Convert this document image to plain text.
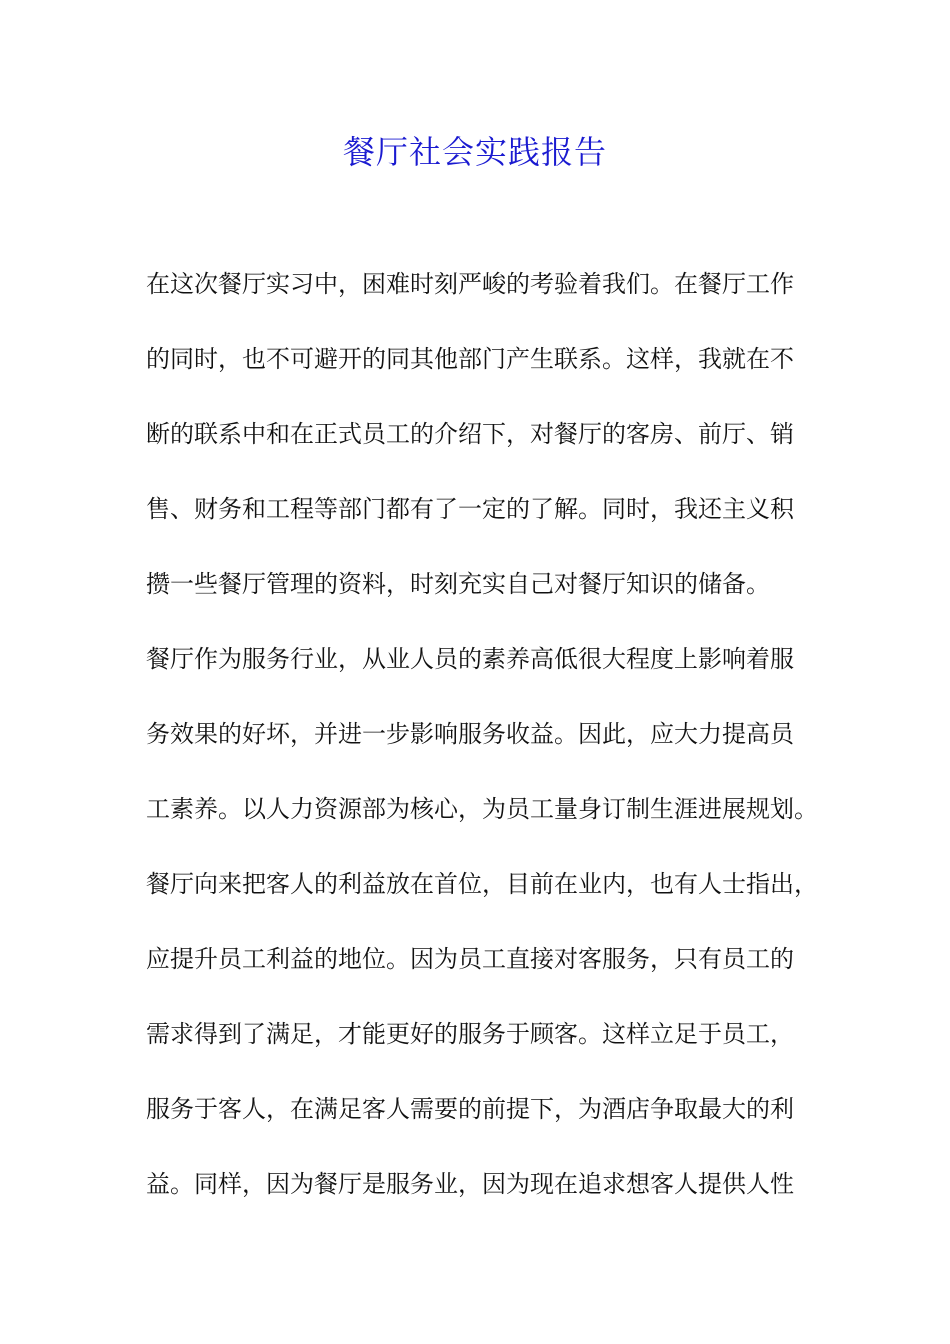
餐厅社会实践报告
在这次餐厅实习中，困难时刻严峻的考验着我们。在餐厅工作
的同时，也不可避开的同其他部门产生联系。这样，我就在不
断的联系中和在正式员工的介绍下，对餐厅的客房、前厅、销
售、财务和工程等部门都有了一定的了解。同时，我还主义积
攒一些餐厅管理的资料，时刻充实自己对餐厅知识的储备。
餐厅作为服务行业，从业人员的素养高低很大程度上影响着服
务效果的好坏，并进一步影响服务收益。因此，应大力提高员
工素养。以人力资源部为核心，为员工量身订制生涯进展规划。
餐厅向来把客人的利益放在首位，目前在业内，也有人士指出，
应提升员工利益的地位。因为员工直接对客服务，只有员工的
需求得到了满足，才能更好的服务于顾客。这样立足于员工，
服务于客人，在满足客人需要的前提下，为酒店争取最大的利
益。同样，因为餐厅是服务业，因为现在追求想客人提供人性
